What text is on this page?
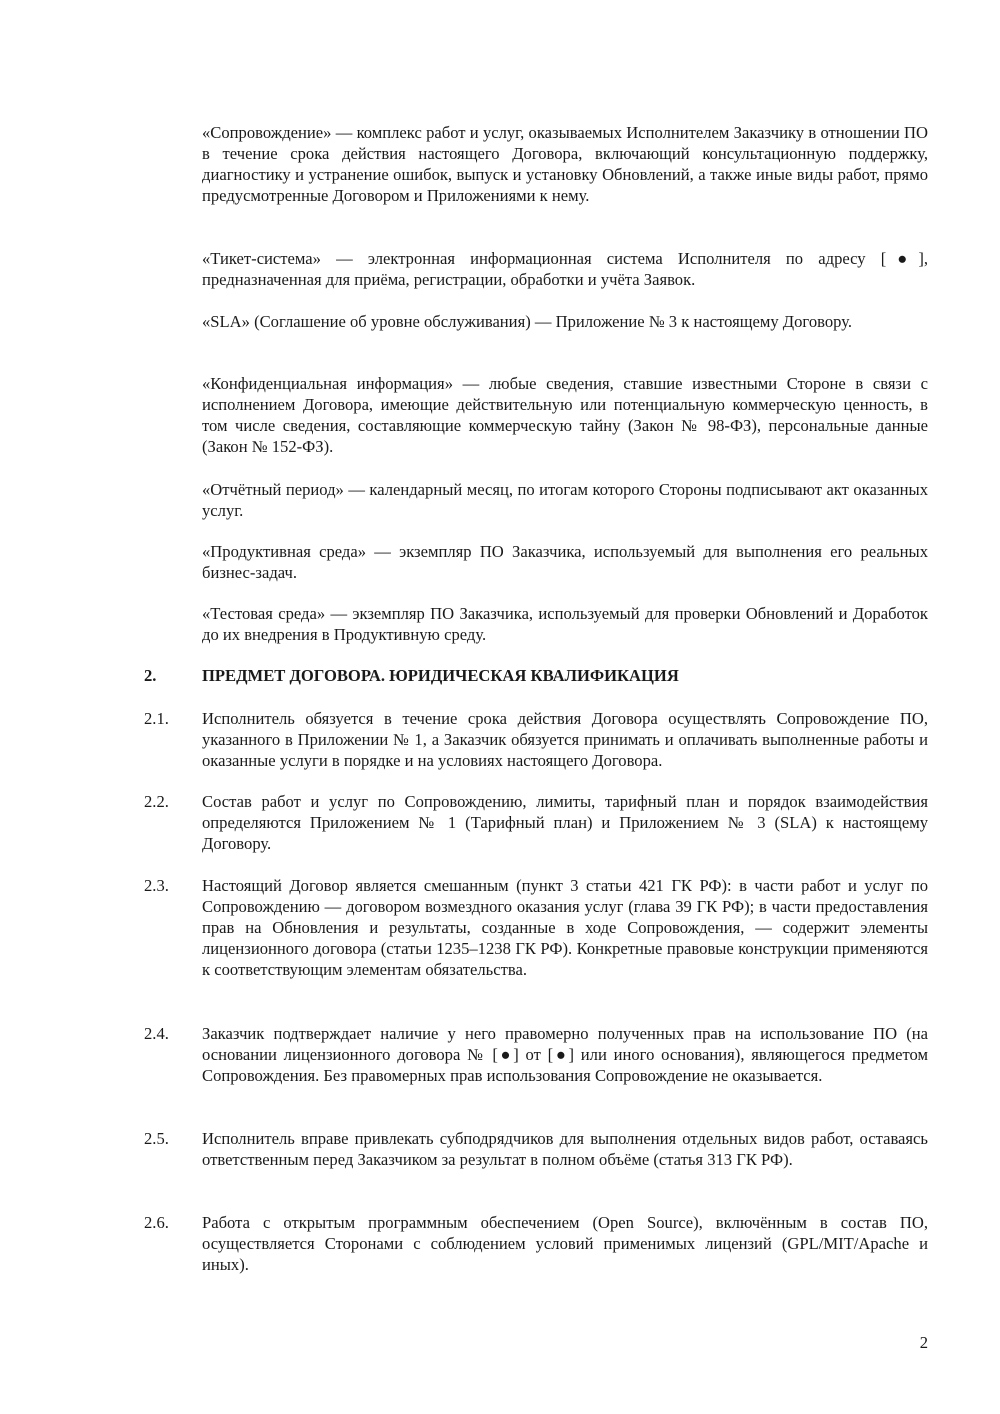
«Сопровождение» — комплекс работ и услуг, оказываемых Исполнителем Заказчику в отношении ПО в течение срока действия настоящего Договора, включающий консультационную поддержку, диагностику и устранение ошибок, выпуск и установку Обновлений, а также иные виды работ, прямо предусмотренные Договором и Приложениями к нему.

«Тикет-система» — электронная информационная система Исполнителя по адресу [●], предназначенная для приёма, регистрации, обработки и учёта Заявок.

«SLA» (Соглашение об уровне обслуживания) — Приложение № 3 к настоящему Договору.

«Конфиденциальная информация» — любые сведения, ставшие известными Стороне в связи с исполнением Договора, имеющие действительную или потенциальную коммерческую ценность, в том числе сведения, составляющие коммерческую тайну (Закон № 98-ФЗ), персональные данные (Закон № 152-ФЗ).

«Отчётный период» — календарный месяц, по итогам которого Стороны подписывают акт оказанных услуг.

«Продуктивная среда» — экземпляр ПО Заказчика, используемый для выполнения его реальных бизнес-задач.

«Тестовая среда» — экземпляр ПО Заказчика, используемый для проверки Обновлений и Доработок до их внедрения в Продуктивную среду.

2.	ПРЕДМЕТ ДОГОВОРА. ЮРИДИЧЕСКАЯ КВАЛИФИКАЦИЯ
2.1. Исполнитель обязуется в течение срока действия Договора осуществлять Сопровождение ПО, указанного в Приложении № 1, а Заказчик обязуется принимать и оплачивать выполненные работы и оказанные услуги в порядке и на условиях настоящего Договора.
2.2. Состав работ и услуг по Сопровождению, лимиты, тарифный план и порядок взаимодействия определяются Приложением № 1 (Тарифный план) и Приложением № 3 (SLA) к настоящему Договору.
2.3. Настоящий Договор является смешанным (пункт 3 статьи 421 ГК РФ): в части работ и услуг по Сопровождению — договором возмездного оказания услуг (глава 39 ГК РФ); в части предоставления прав на Обновления и результаты, созданные в ходе Сопровождения, — содержит элементы лицензионного договора (статьи 1235–1238 ГК РФ). Конкретные правовые конструкции применяются к соответствующим элементам обязательства.
2.4. Заказчик подтверждает наличие у него правомерно полученных прав на использование ПО (на основании лицензионного договора № [●] от [●] или иного основания), являющегося предметом Сопровождения. Без правомерных прав использования Сопровождение не оказывается.
2.5. Исполнитель вправе привлекать субподрядчиков для выполнения отдельных видов работ, оставаясь ответственным перед Заказчиком за результат в полном объёме (статья 313 ГК РФ).
2.6. Работа с открытым программным обеспечением (Open Source), включённым в состав ПО, осуществляется Сторонами с соблюдением условий применимых лицензий (GPL/MIT/Apache и иных).
2
